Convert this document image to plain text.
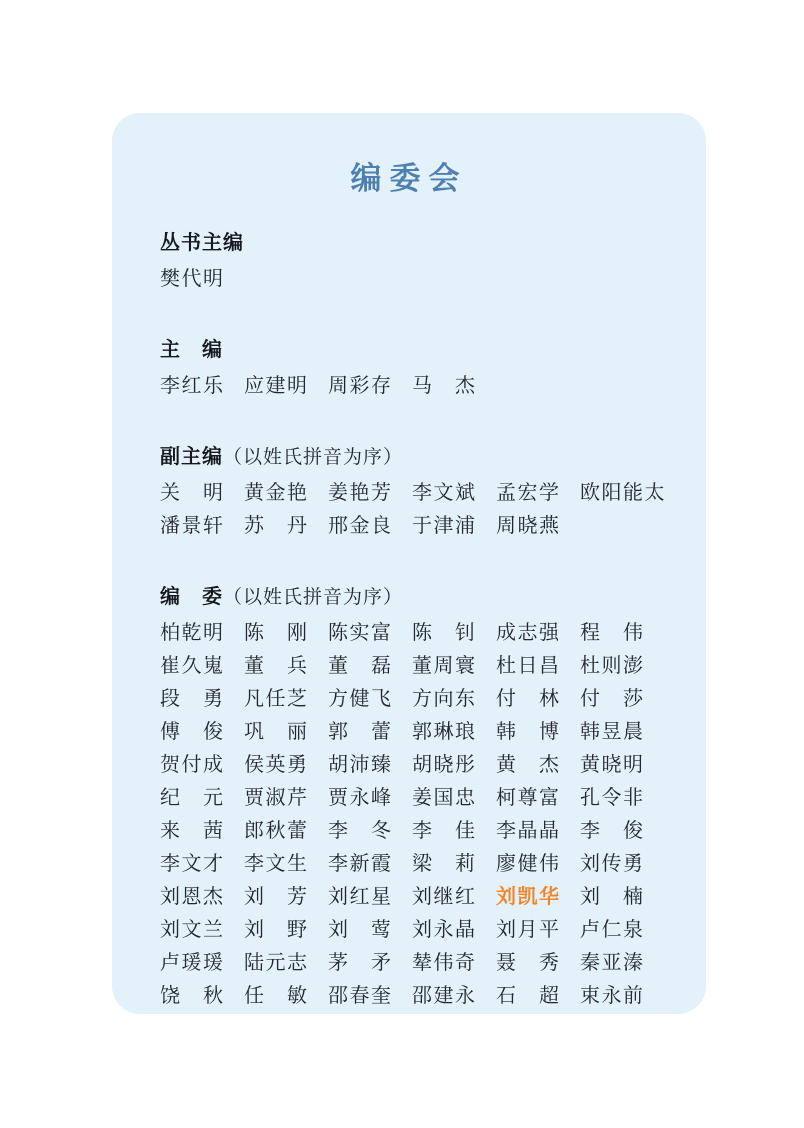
编委会
丛书主编
樊代明
主　编
李红乐 应建明 周彩存 马　杰
副主编（以姓氏拼音为序）
关　明 黄金艳 姜艳芳 李文斌 孟宏学 欧阳能太
潘景轩 苏　丹 邢金良 于津浦 周晓燕
编　委（以姓氏拼音为序）
柏乾明 陈　刚 陈实富 陈　钊 成志强 程　伟
崔久嵬 董　兵 董　磊 董周寰 杜日昌 杜则澎
段　勇 凡任芝 方健飞 方向东 付　林 付　莎
傅　俊 巩　丽 郭　蕾 郭琳琅 韩　博 韩昱晨
贺付成 侯英勇 胡沛臻 胡晓彤 黄　杰 黄晓明
纪　元 贾淑芹 贾永峰 姜国忠 柯尊富 孔令非
来　茜 郎秋蕾 李　冬 李　佳 李晶晶 李　俊
李文才 李文生 李新霞 梁　莉 廖健伟 刘传勇
刘恩杰 刘　芳 刘红星 刘继红 刘凯华 刘　楠
刘文兰 刘　野 刘　莺 刘永晶 刘月平 卢仁泉
卢瑗瑗 陆元志 茅　矛 辇伟奇 聂　秀 秦亚溱
饶　秋 任　敏 邵春奎 邵建永 石　超 束永前
